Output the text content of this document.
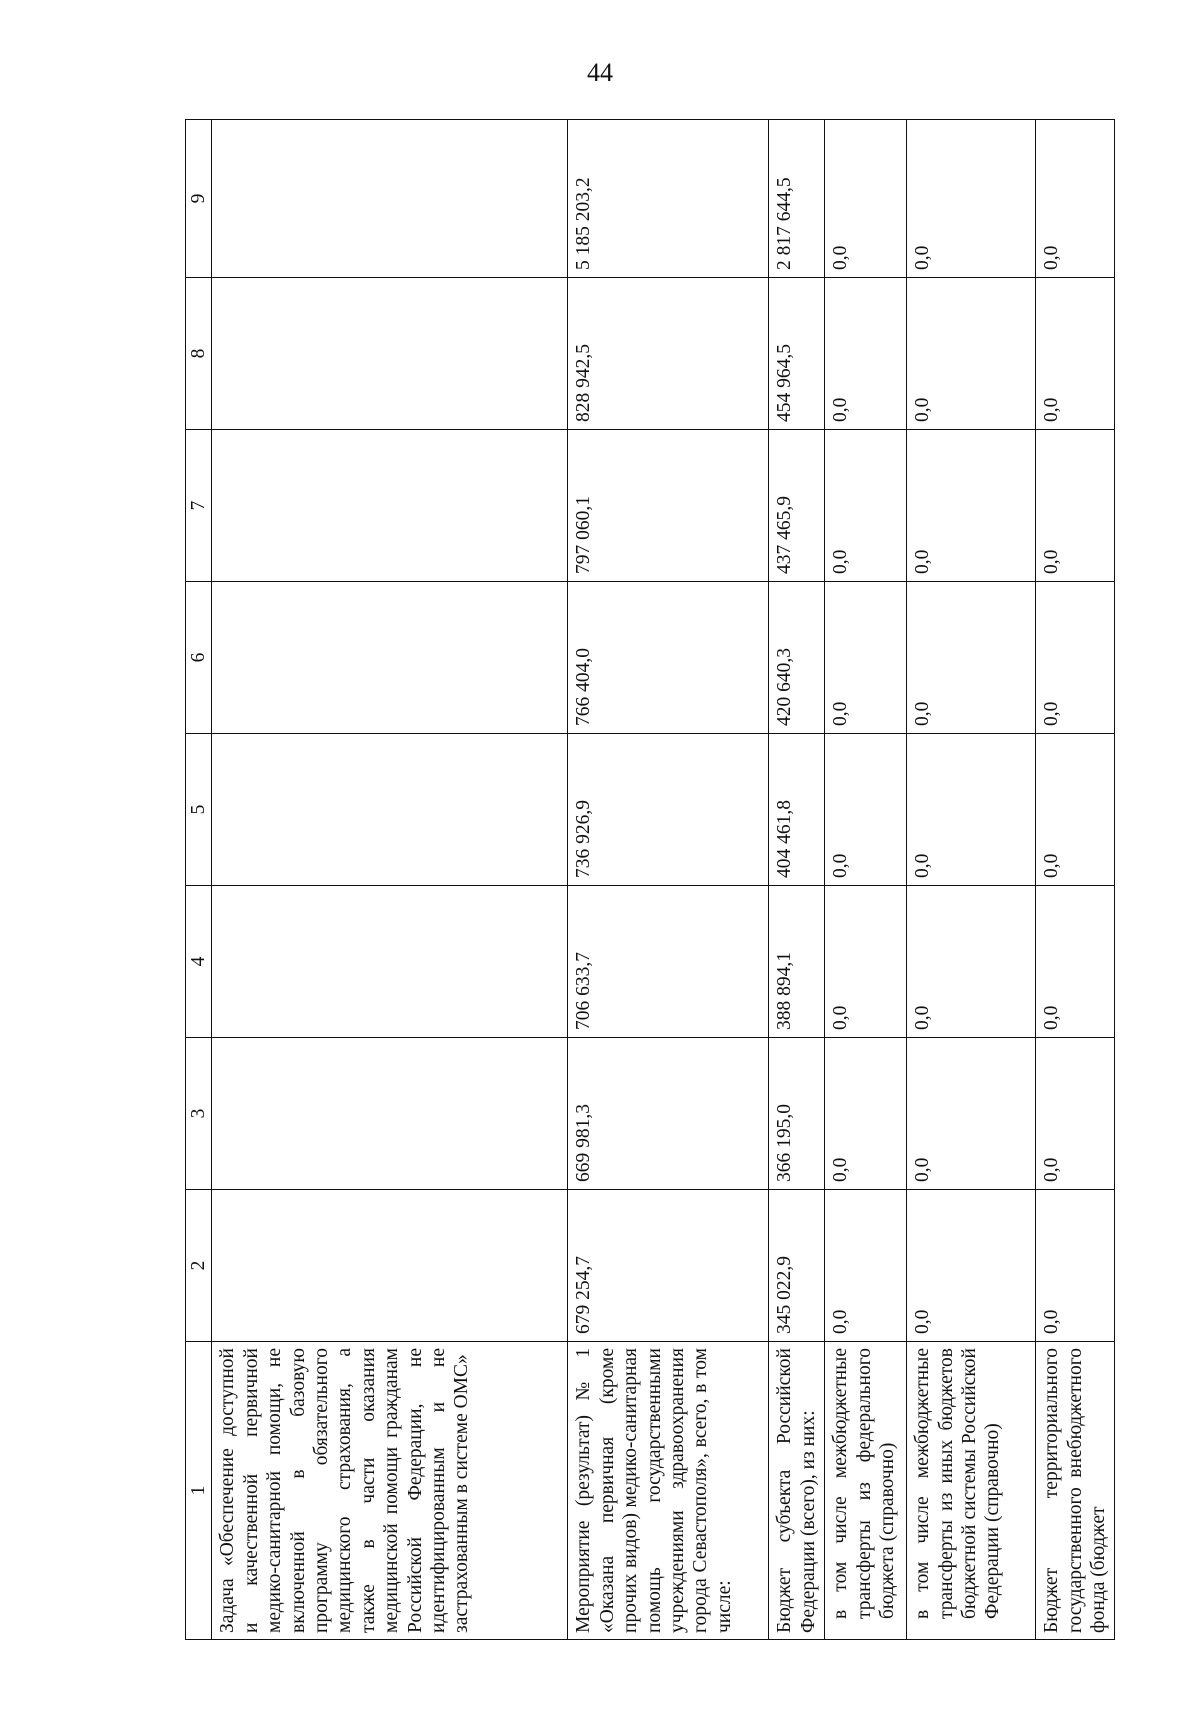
44
1	2	3	4	5	6	7	8	9
Задача «Обеспечение доступной и качественной первичной медико-санитарной помощи, не включенной в базовую программу обязательного медицинского страхования, а также в части оказания медицинской помощи гражданам Российской Федерации, не идентифицированным и не застрахованным в системе ОМС»								
Мероприятие (результат) № 1 «Оказана первичная (кроме прочих видов) медико-санитарная помощь государственными учреждениями здравоохранения города Севастополя», всего, в том числе:	679 254,7	669 981,3	706 633,7	736 926,9	766 404,0	797 060,1	828 942,5	5 185 203,2
Бюджет субъекта Российской Федерации (всего), из них:	345 022,9	366 195,0	388 894,1	404 461,8	420 640,3	437 465,9	454 964,5	2 817 644,5
в том числе межбюджетные трансферты из федерального бюджета (справочно)	0,0	0,0	0,0	0,0	0,0	0,0	0,0	0,0
в том числе межбюджетные трансферты из иных бюджетов бюджетной системы Российской Федерации (справочно)	0,0	0,0	0,0	0,0	0,0	0,0	0,0	0,0
Бюджет территориального государственного внебюджетного фонда (бюджет	0,0	0,0	0,0	0,0	0,0	0,0	0,0	0,0
